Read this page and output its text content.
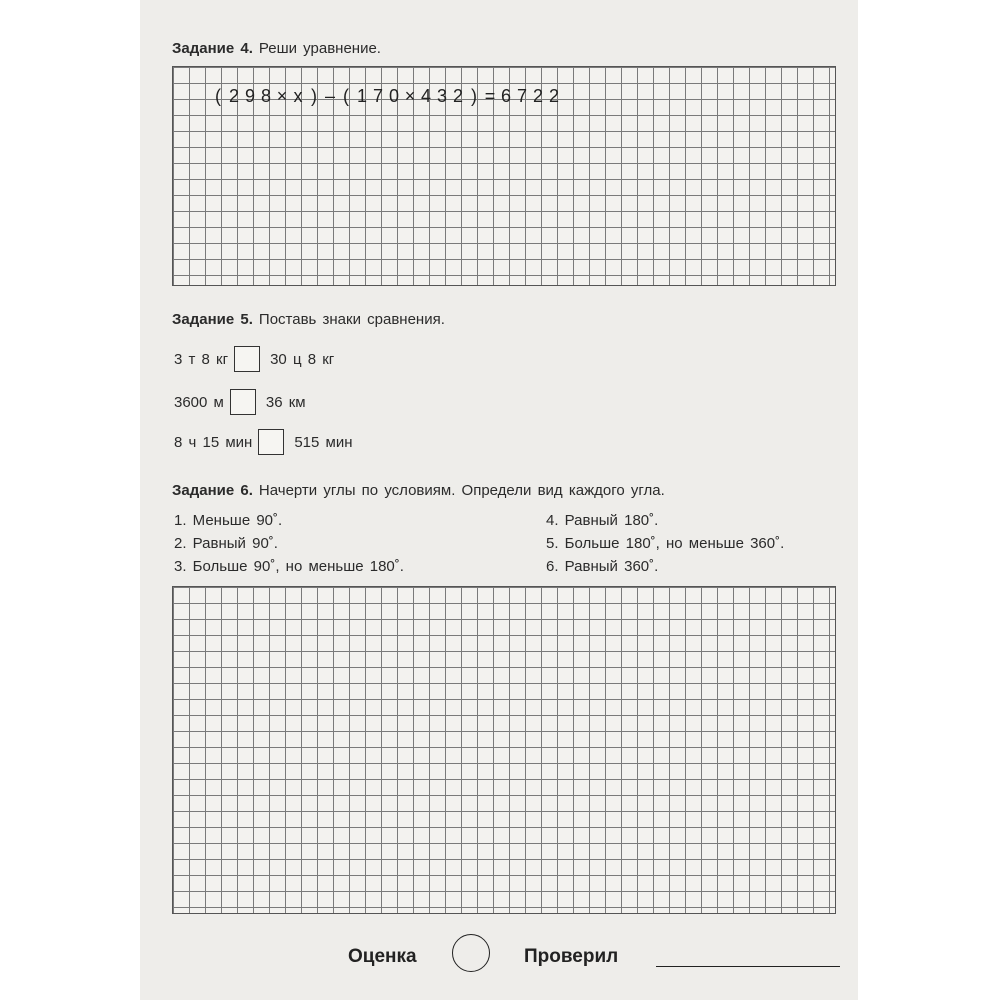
Задание 4. Реши уравнение.
( 2 9 8 × x ) – ( 1 7 0 × 4 3 2 ) = 6 7 2 2
Задание 5. Поставь знаки сравнения.
3 т 8 кг	30 ц 8 кг
3600 м	36 км
8 ч 15 мин	515 мин
Задание 6. Начерти углы по условиям. Определи вид каждого угла.
1. Меньше 90˚.
2. Равный 90˚.
3. Больше 90˚, но меньше 180˚.
4. Равный 180˚.
5. Больше 180˚, но меньше 360˚.
6. Равный 360˚.
Оценка	Проверил
